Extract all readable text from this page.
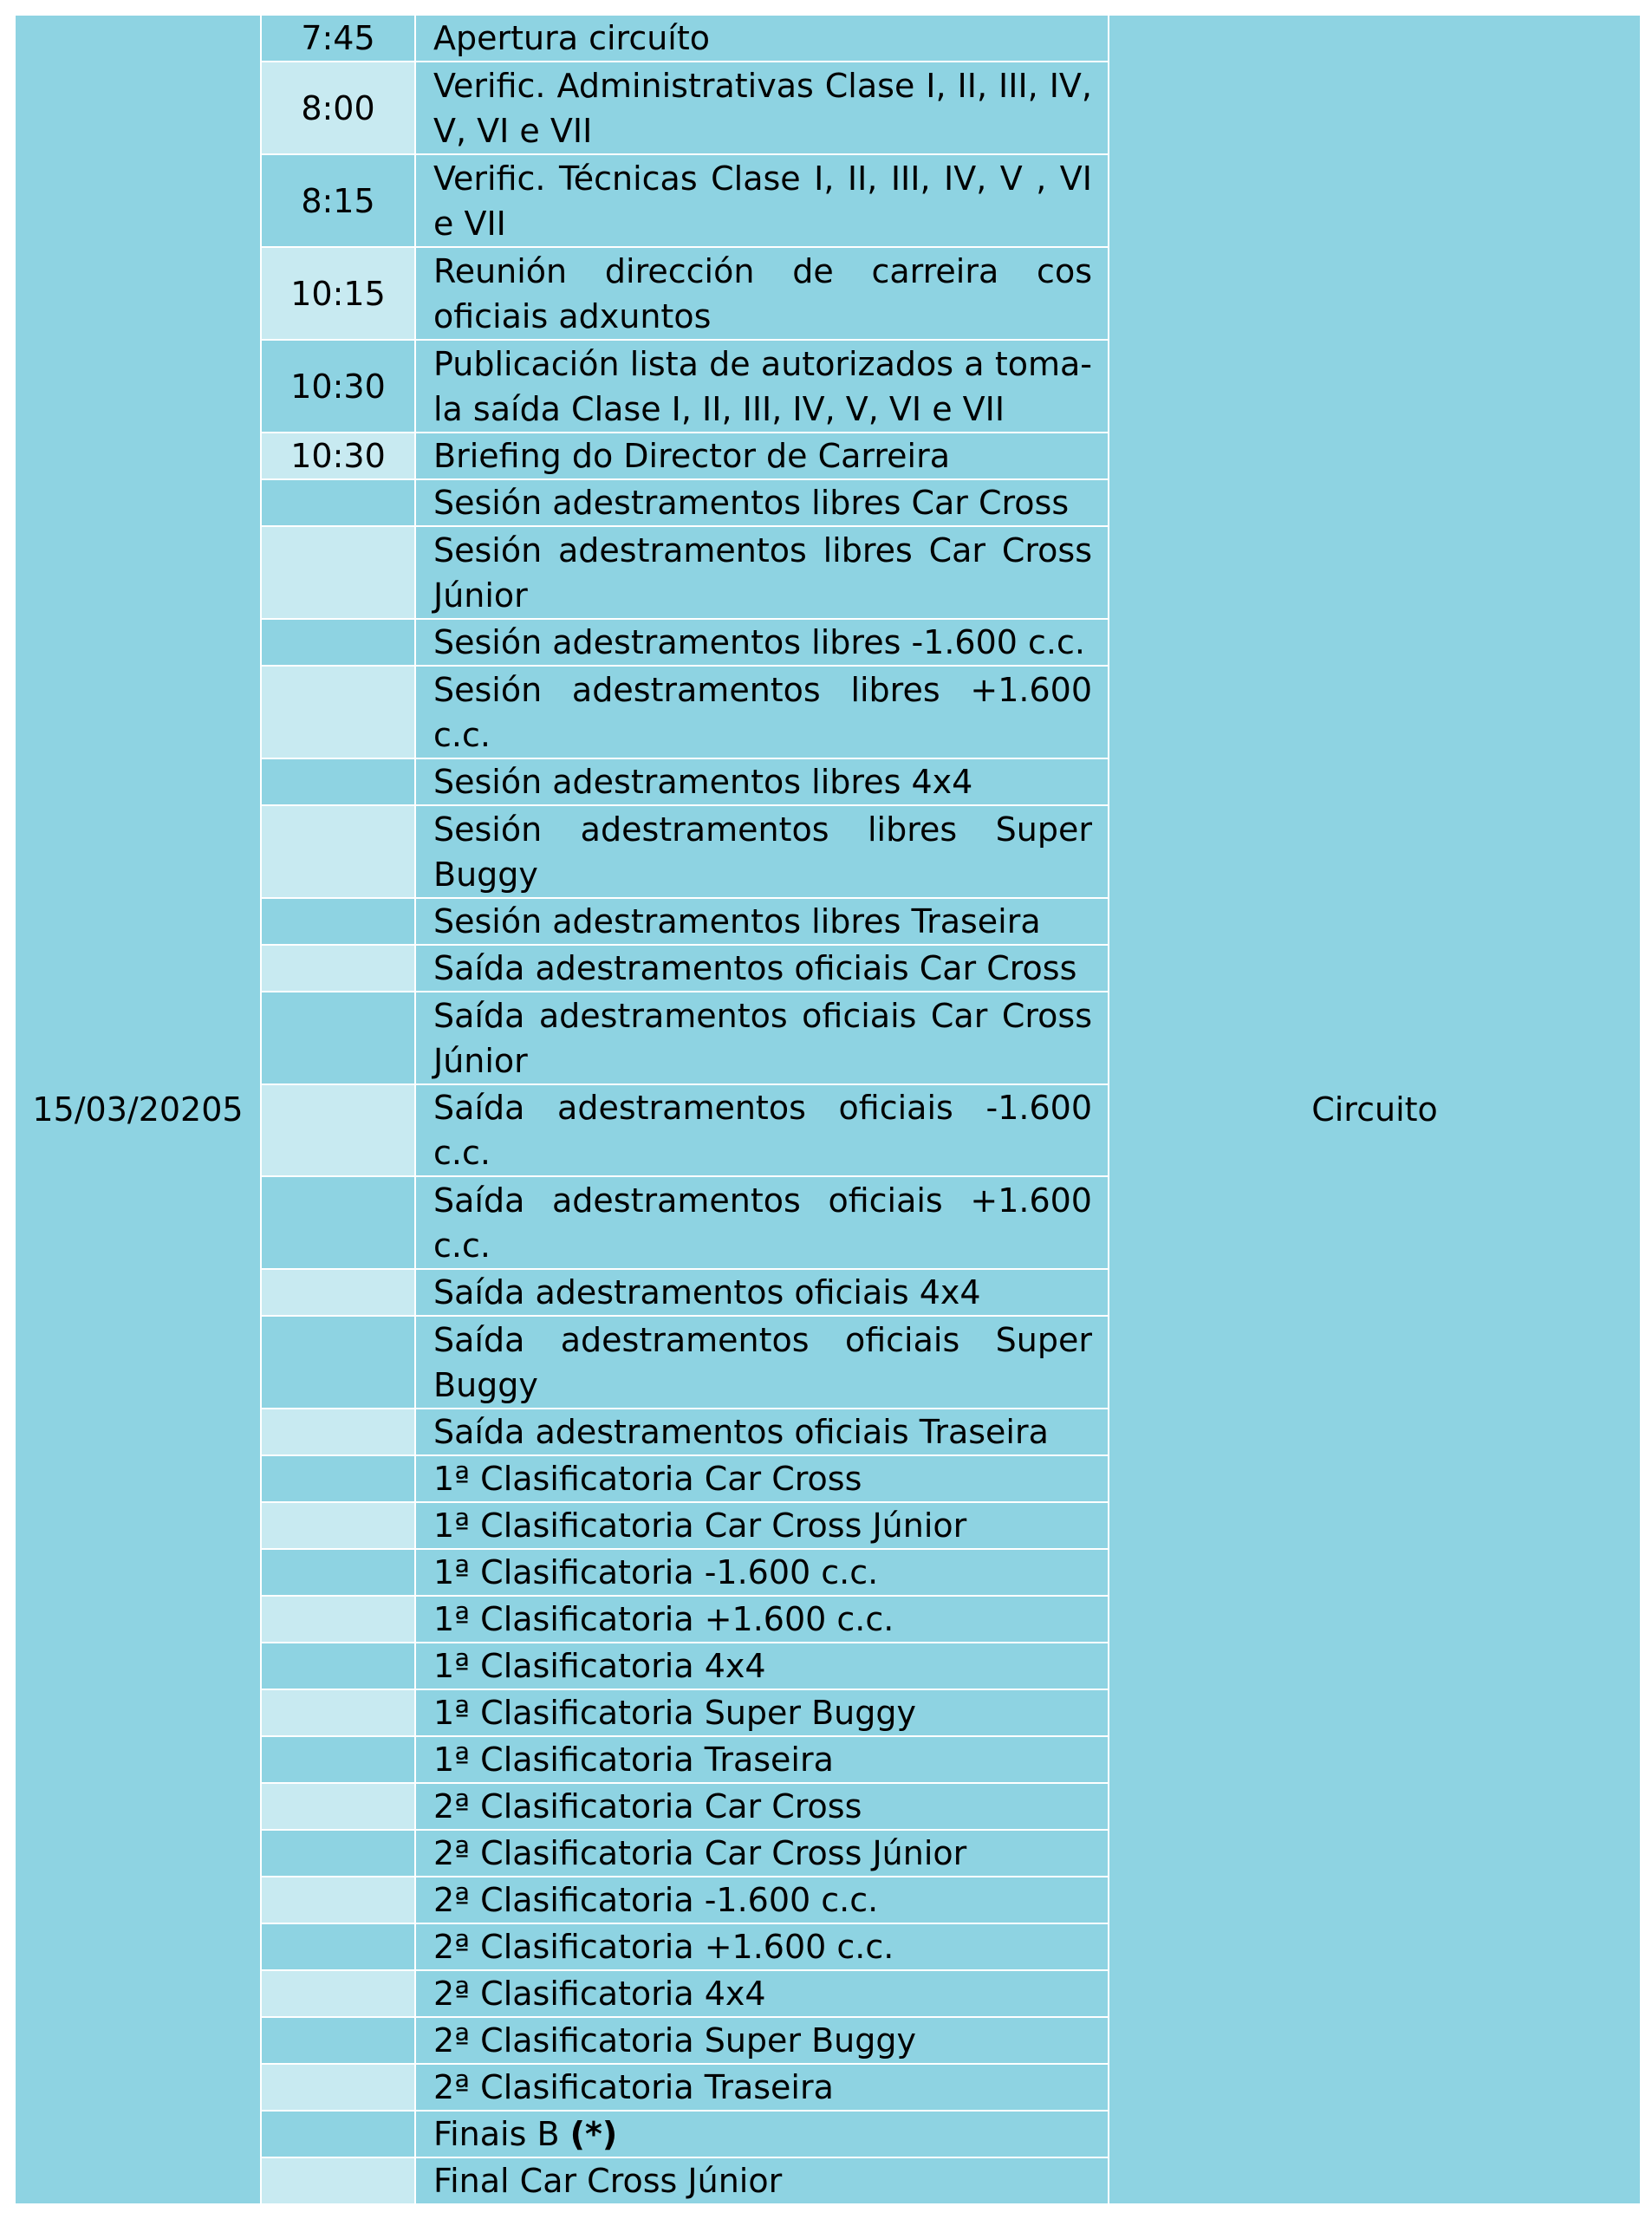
15/03/20205	7:45	Apertura circuíto	Circuito
	8:00	Verific. Administrativas Clase I, II, III, IV, V, VI e VII	
	8:15	Verific. Técnicas Clase I, II, III, IV, V , VI e VII	
	10:15	Reunión dirección de carreira cos oficiais adxuntos	
	10:30	Publicación lista de autorizados a toma-la saída Clase I, II, III, IV, V, VI e VII	
	10:30	Briefing do Director de Carreira	
		Sesión adestramentos libres Car Cross	
		Sesión adestramentos libres Car Cross Júnior	
		Sesión adestramentos libres -1.600 c.c.	
		Sesión adestramentos libres +1.600 c.c.	
		Sesión adestramentos libres 4x4	
		Sesión adestramentos libres Super Buggy	
		Sesión adestramentos libres Traseira	
		Saída adestramentos oficiais Car Cross	
		Saída adestramentos oficiais Car Cross Júnior	
		Saída adestramentos oficiais -1.600 c.c.	
		Saída adestramentos oficiais +1.600 c.c.	
		Saída adestramentos oficiais 4x4	
		Saída adestramentos oficiais Super Buggy	
		Saída adestramentos oficiais Traseira	
		1ª Clasificatoria Car Cross	
		1ª Clasificatoria Car Cross Júnior	
		1ª Clasificatoria -1.600 c.c.	
		1ª Clasificatoria +1.600 c.c.	
		1ª Clasificatoria 4x4	
		1ª Clasificatoria Super Buggy	
		1ª Clasificatoria Traseira	
		2ª Clasificatoria Car Cross	
		2ª Clasificatoria Car Cross Júnior	
		2ª Clasificatoria -1.600 c.c.	
		2ª Clasificatoria +1.600 c.c.	
		2ª Clasificatoria 4x4	
		2ª Clasificatoria Super Buggy	
		2ª Clasificatoria Traseira	
		Finais B (*)	
		Final Car Cross Júnior	
